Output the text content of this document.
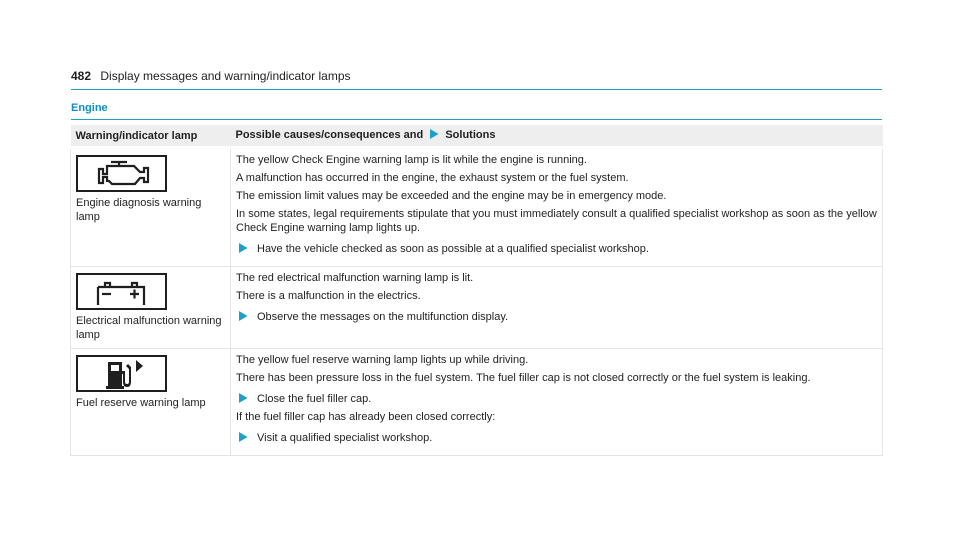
482 Display messages and warning/indicator lamps
Engine
Warning/indicator lamp	Possible causes/consequences and Solutions

Engine diagnosis warning lamp	The yellow Check Engine warning lamp is lit while the engine is running.

A malfunction has occurred in the engine, the exhaust system or the fuel system.

The emission limit values may be exceeded and the engine may be in emergency mode.

In some states, legal requirements stipulate that you must immediately consult a qualified specialist workshop as soon as the yellow Check Engine warning lamp lights up.

Have the vehicle checked as soon as possible at a qualified specialist workshop.

Electrical malfunction warning lamp	The red electrical malfunction warning lamp is lit.

There is a malfunction in the electrics.

Observe the messages on the multifunction display.

Fuel reserve warning lamp	The yellow fuel reserve warning lamp lights up while driving.

There has been pressure loss in the fuel system. The fuel filler cap is not closed correctly or the fuel system is leaking.

Close the fuel filler cap.

If the fuel filler cap has already been closed correctly:

Visit a qualified specialist workshop.
